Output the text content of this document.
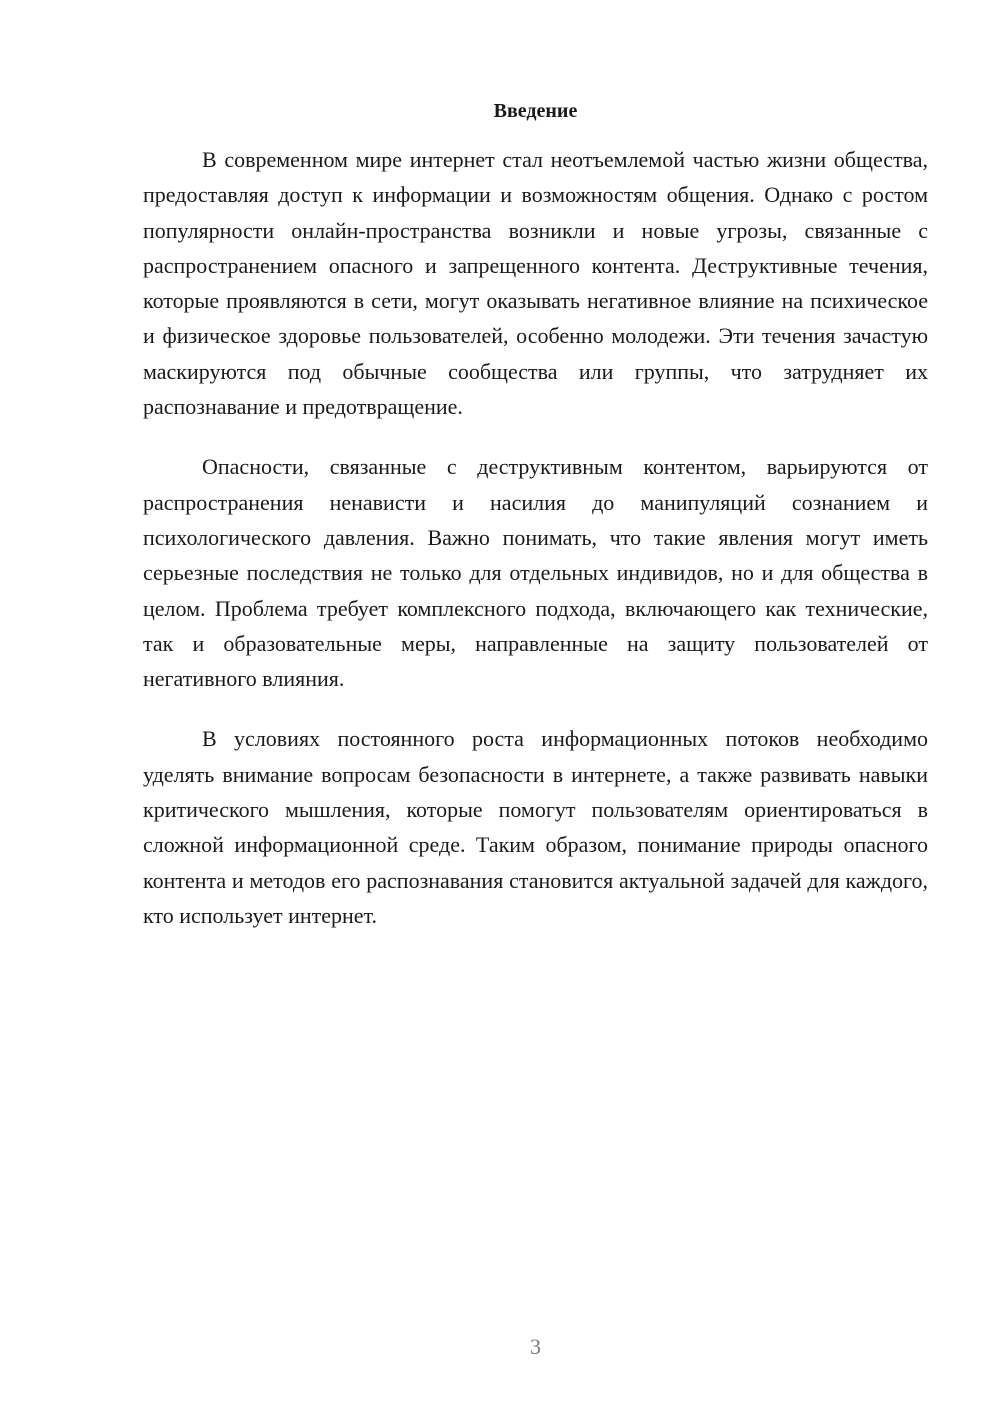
Введение

В современном мире интернет стал неотъемлемой частью жизни общества, предоставляя доступ к информации и возможностям общения. Однако с ростом популярности онлайн-пространства возникли и новые угрозы, связанные с распространением опасного и запрещенного контента. Деструктивные течения, которые проявляются в сети, могут оказывать негативное влияние на психическое и физическое здоровье пользователей, особенно молодежи. Эти течения зачастую маскируются под обычные сообщества или группы, что затрудняет их распознавание и предотвращение.

Опасности, связанные с деструктивным контентом, варьируются от распространения ненависти и насилия до манипуляций сознанием и психологического давления. Важно понимать, что такие явления могут иметь серьезные последствия не только для отдельных индивидов, но и для общества в целом. Проблема требует комплексного подхода, включающего как технические, так и образовательные меры, направленные на защиту пользователей от негативного влияния.

В условиях постоянного роста информационных потоков необходимо уделять внимание вопросам безопасности в интернете, а также развивать навыки критического мышления, которые помогут пользователям ориентироваться в сложной информационной среде. Таким образом, понимание природы опасного контента и методов его распознавания становится актуальной задачей для каждого, кто использует интернет.

3
